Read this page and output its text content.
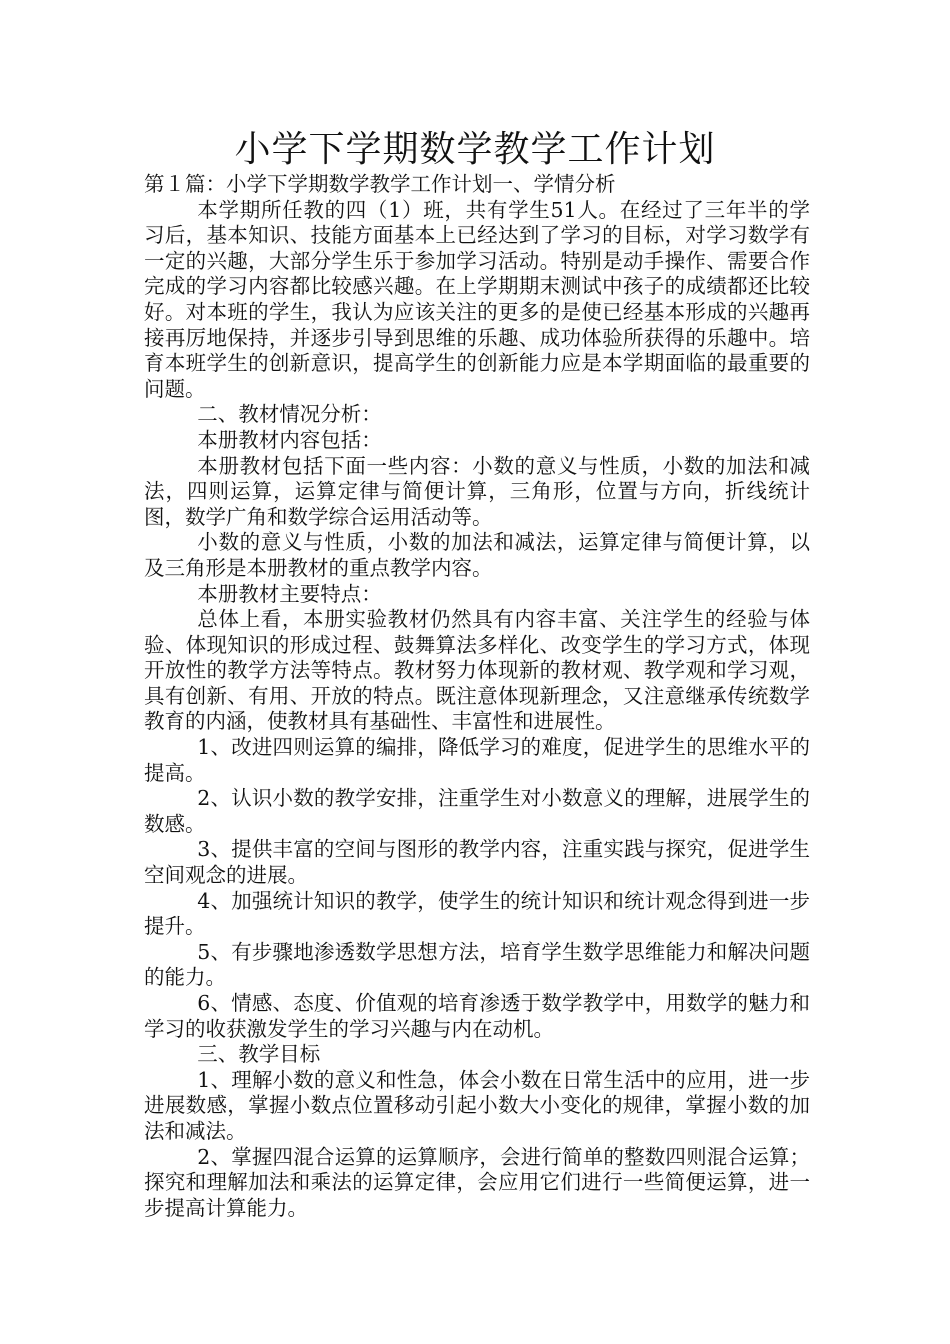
小学下学期数学教学工作计划

第１篇：小学下学期数学教学工作计划一、学情分析

本学期所任教的四（1）班，共有学生51人。在经过了三年半的学习后，基本知识、技能方面基本上已经达到了学习的目标，对学习数学有一定的兴趣，大部分学生乐于参加学习活动。特别是动手操作、需要合作完成的学习内容都比较感兴趣。在上学期期末测试中孩子的成绩都还比较好。对本班的学生，我认为应该关注的更多的是使已经基本形成的兴趣再接再厉地保持，并逐步引导到思维的乐趣、成功体验所获得的乐趣中。培育本班学生的创新意识，提高学生的创新能力应是本学期面临的最重要的问题。

二、教材情况分析：

本册教材内容包括：

本册教材包括下面一些内容：小数的意义与性质，小数的加法和减法，四则运算，运算定律与简便计算，三角形，位置与方向，折线统计图，数学广角和数学综合运用活动等。

小数的意义与性质，小数的加法和减法，运算定律与简便计算，以及三角形是本册教材的重点教学内容。

本册教材主要特点：

总体上看，本册实验教材仍然具有内容丰富、关注学生的经验与体验、体现知识的形成过程、鼓舞算法多样化、改变学生的学习方式，体现开放性的教学方法等特点。教材努力体现新的教材观、教学观和学习观，具有创新、有用、开放的特点。既注意体现新理念，又注意继承传统数学教育的内涵，使教材具有基础性、丰富性和进展性。

1、改进四则运算的编排，降低学习的难度，促进学生的思维水平的提高。

2、认识小数的教学安排，注重学生对小数意义的理解，进展学生的数感。

3、提供丰富的空间与图形的教学内容，注重实践与探究，促进学生空间观念的进展。

4、加强统计知识的教学，使学生的统计知识和统计观念得到进一步提升。

5、有步骤地渗透数学思想方法，培育学生数学思维能力和解决问题的能力。

6、情感、态度、价值观的培育渗透于数学教学中，用数学的魅力和学习的收获激发学生的学习兴趣与内在动机。

三、教学目标

1、理解小数的意义和性急，体会小数在日常生活中的应用，进一步进展数感，掌握小数点位置移动引起小数大小变化的规律，掌握小数的加法和减法。

2、掌握四混合运算的运算顺序，会进行简单的整数四则混合运算；探究和理解加法和乘法的运算定律，会应用它们进行一些简便运算，进一步提高计算能力。
